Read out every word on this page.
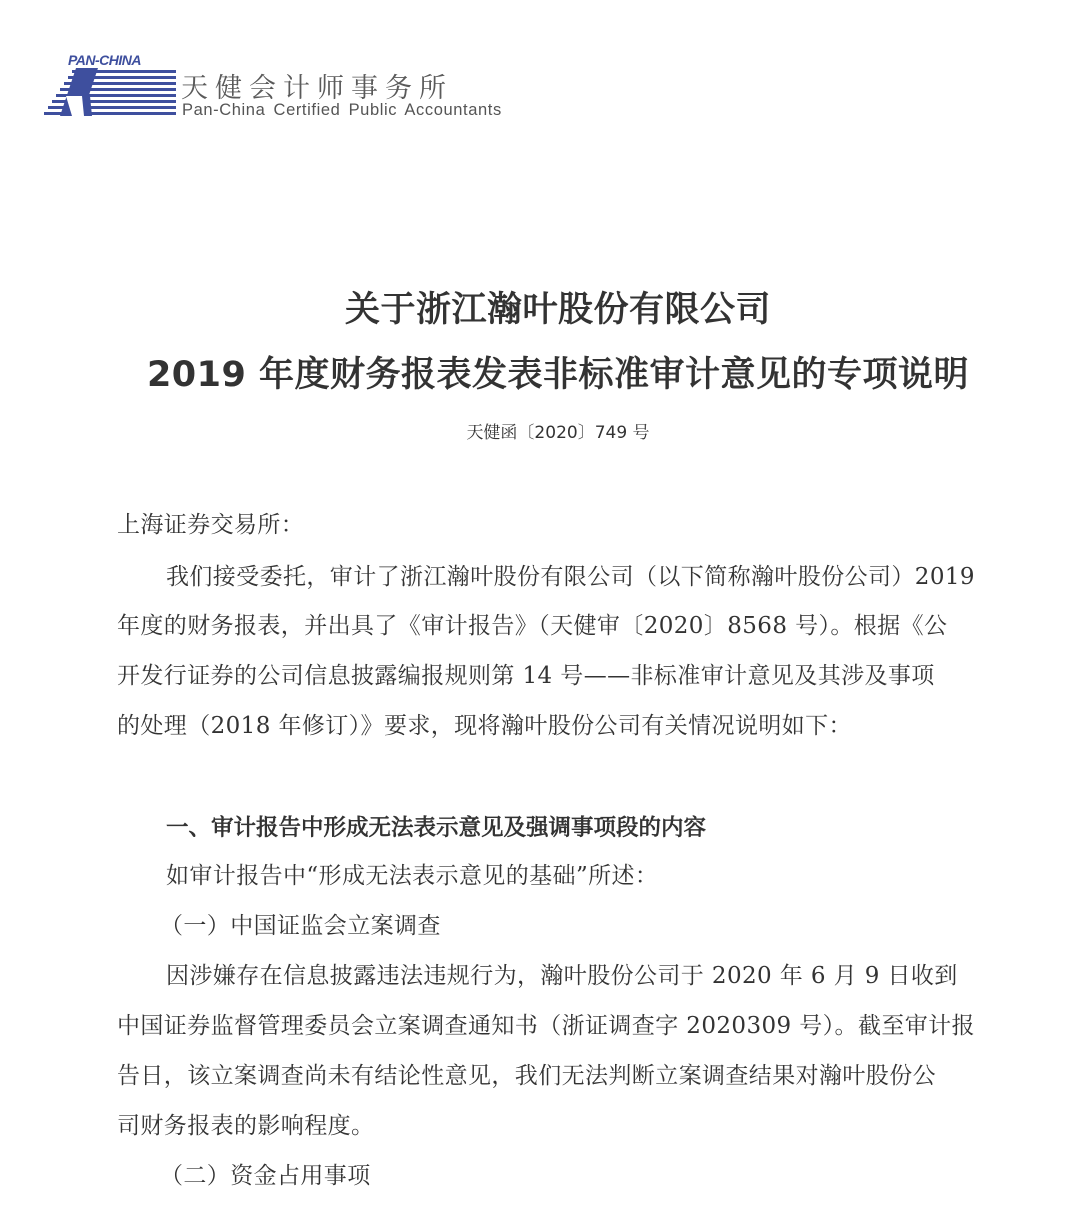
PAN-CHINA
天健会计师事务所
Pan-China Certified Public Accountants
关于浙江瀚叶股份有限公司
2019 年度财务报表发表非标准审计意见的专项说明
天健函〔2020〕749 号
上海证券交易所：
我们接受委托，审计了浙江瀚叶股份有限公司（以下简称瀚叶股份公司）2019
年度的财务报表，并出具了《审计报告》（天健审〔2020〕8568 号）。根据《公
开发行证券的公司信息披露编报规则第 14 号——非标准审计意见及其涉及事项
的处理（2018 年修订）》要求，现将瀚叶股份公司有关情况说明如下：
一、审计报告中形成无法表示意见及强调事项段的内容
如审计报告中“形成无法表示意见的基础”所述：
（一）中国证监会立案调查
因涉嫌存在信息披露违法违规行为，瀚叶股份公司于 2020 年 6 月 9 日收到
中国证券监督管理委员会立案调查通知书（浙证调查字 2020309 号）。截至审计报
告日，该立案调查尚未有结论性意见，我们无法判断立案调查结果对瀚叶股份公
司财务报表的影响程度。
（二）资金占用事项
